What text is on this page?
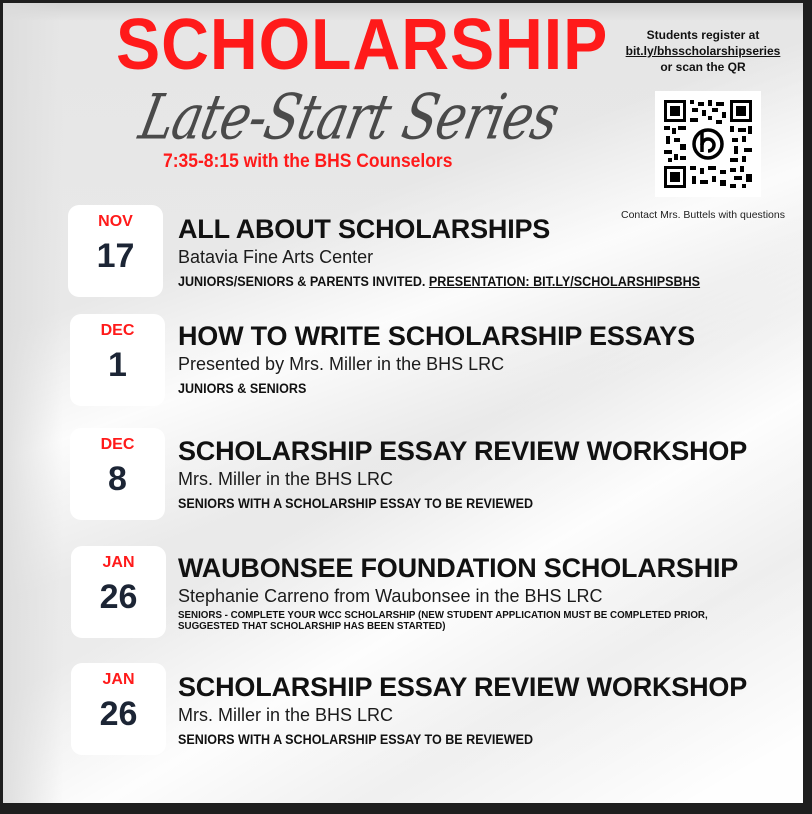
SCHOLARSHIP
Late-Start Series
7:35-8:15 with the BHS Counselors
Students register at
bit.ly/bhsscholarshipseries
or scan the QR
Contact Mrs. Buttels with questions
NOV
17
ALL ABOUT SCHOLARSHIPS
Batavia Fine Arts Center
JUNIORS/SENIORS & PARENTS INVITED. PRESENTATION: BIT.LY/SCHOLARSHIPSBHS
DEC
1
HOW TO WRITE SCHOLARSHIP ESSAYS
Presented by Mrs. Miller in the BHS LRC
JUNIORS & SENIORS
DEC
8
SCHOLARSHIP ESSAY REVIEW WORKSHOP
Mrs. Miller in the BHS LRC
SENIORS WITH A SCHOLARSHIP ESSAY TO BE REVIEWED
JAN
26
WAUBONSEE FOUNDATION SCHOLARSHIP
Stephanie Carreno from Waubonsee in the BHS LRC
SENIORS - COMPLETE YOUR WCC SCHOLARSHIP (NEW STUDENT APPLICATION MUST BE COMPLETED PRIOR, SUGGESTED THAT SCHOLARSHIP HAS BEEN STARTED)
JAN
26
SCHOLARSHIP ESSAY REVIEW WORKSHOP
Mrs. Miller in the BHS LRC
SENIORS WITH A SCHOLARSHIP ESSAY TO BE REVIEWED
